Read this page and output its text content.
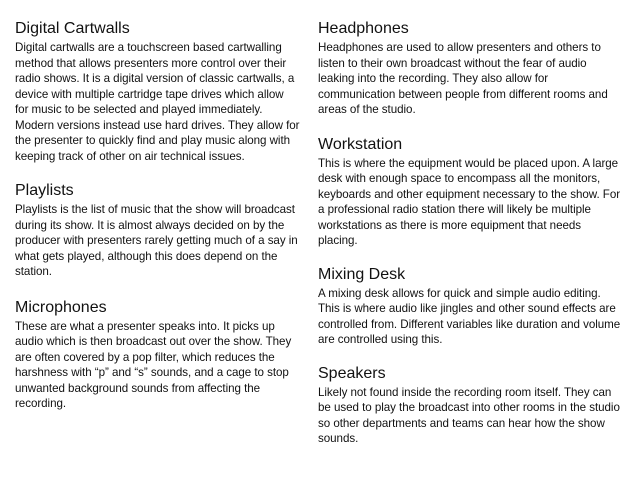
Digital Cartwalls

Digital cartwalls are a touchscreen based cartwalling method that allows presenters more control over their radio shows. It is a digital version of classic cartwalls, a device with multiple cartridge tape drives which allow for music to be selected and played immediately. Modern versions instead use hard drives. They allow for the presenter to quickly find and play music along with keeping track of other on air technical issues.

Playlists

Playlists is the list of music that the show will broadcast during its show. It is almost always decided on by the producer with presenters rarely getting much of a say in what gets played, although this does depend on the station.

Microphones

These are what a presenter speaks into. It picks up audio which is then broadcast out over the show. They are often covered by a pop filter, which reduces the harshness with “p” and “s” sounds, and a cage to stop unwanted background sounds from affecting the recording.

Headphones

Headphones are used to allow presenters and others to listen to their own broadcast without the fear of audio leaking into the recording. They also allow for communication between people from different rooms and areas of the studio.

Workstation

This is where the equipment would be placed upon. A large desk with enough space to encompass all the monitors, keyboards and other equipment necessary to the show. For a professional radio station there will likely be multiple workstations as there is more equipment that needs placing.

Mixing Desk

A mixing desk allows for quick and simple audio editing. This is where audio like jingles and other sound effects are controlled from. Different variables like duration and volume are controlled using this.

Speakers

Likely not found inside the recording room itself. They can be used to play the broadcast into other rooms in the studio so other departments and teams can hear how the show sounds.
